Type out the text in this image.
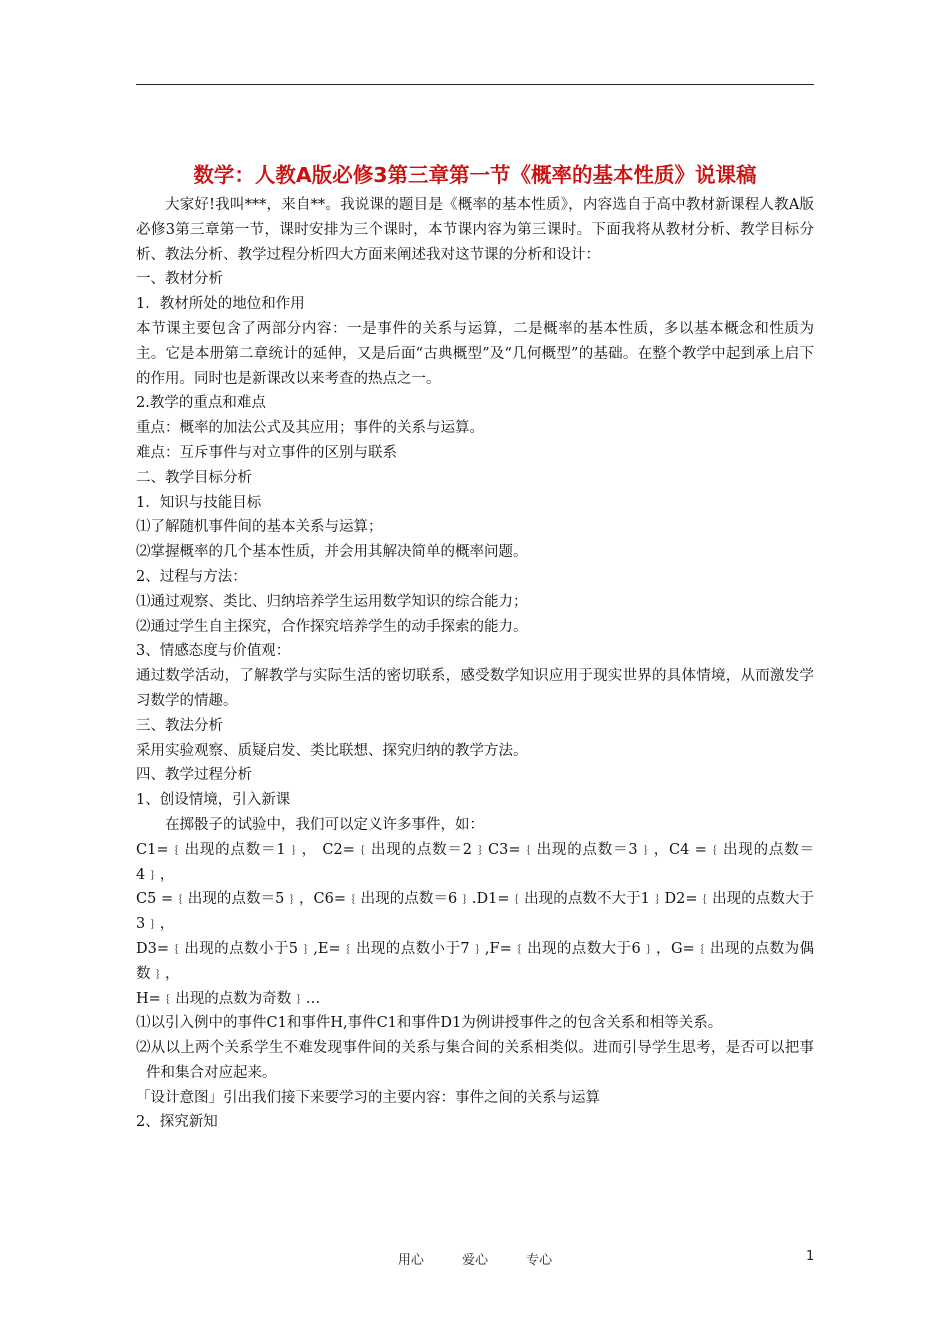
数学：人教A版必修3第三章第一节《概率的基本性质》说课稿

大家好!我叫***，来自**。我说课的题目是《概率的基本性质》，内容选自于高中教材新课程人教A版必修3第三章第一节，课时安排为三个课时，本节课内容为第三课时。下面我将从教材分析、教学目标分析、教法分析、教学过程分析四大方面来阐述我对这节课的分析和设计：

一、教材分析

1．教材所处的地位和作用

本节课主要包含了两部分内容：一是事件的关系与运算，二是概率的基本性质，多以基本概念和性质为主。它是本册第二章统计的延伸，又是后面“古典概型”及“几何概型”的基础。在整个教学中起到承上启下的作用。同时也是新课改以来考查的热点之一。

2.教学的重点和难点

重点：概率的加法公式及其应用；事件的关系与运算。

难点：互斥事件与对立事件的区别与联系

二、教学目标分析

1．知识与技能目标

⑴了解随机事件间的基本关系与运算；

⑵掌握概率的几个基本性质，并会用其解决简单的概率问题。

2、过程与方法：

⑴通过观察、类比、归纳培养学生运用数学知识的综合能力；

⑵通过学生自主探究，合作探究培养学生的动手探索的能力。

3、情感态度与价值观：

通过数学活动，了解教学与实际生活的密切联系，感受数学知识应用于现实世界的具体情境，从而激发学习数学的情趣。

三、教法分析

采用实验观察、质疑启发、类比联想、探究归纳的教学方法。

四、教学过程分析

1、创设情境，引入新课

在掷骰子的试验中，我们可以定义许多事件，如：

C1=﹛出现的点数＝1﹜， C2=﹛出现的点数＝2﹜C3=﹛出现的点数＝3﹜，C4 =﹛出现的点数＝4﹜，

C5 =﹛出现的点数＝5﹜，C6=﹛出现的点数＝6﹜.D1=﹛出现的点数不大于1﹜D2=﹛出现的点数大于3﹜，

D3=﹛出现的点数小于5﹜,E=﹛出现的点数小于7﹜,F=﹛出现的点数大于6﹜，G=﹛出现的点数为偶数﹜，

H=﹛出现的点数为奇数﹜…

⑴以引入例中的事件C1和事件H,事件C1和事件D1为例讲授事件之的包含关系和相等关系。

⑵从以上两个关系学生不难发现事件间的关系与集合间的关系相类似。进而引导学生思考，是否可以把事件和集合对应起来。

「设计意图」引出我们接下来要学习的主要内容：事件之间的关系与运算

2、探究新知

用心	爱心	专心	1
